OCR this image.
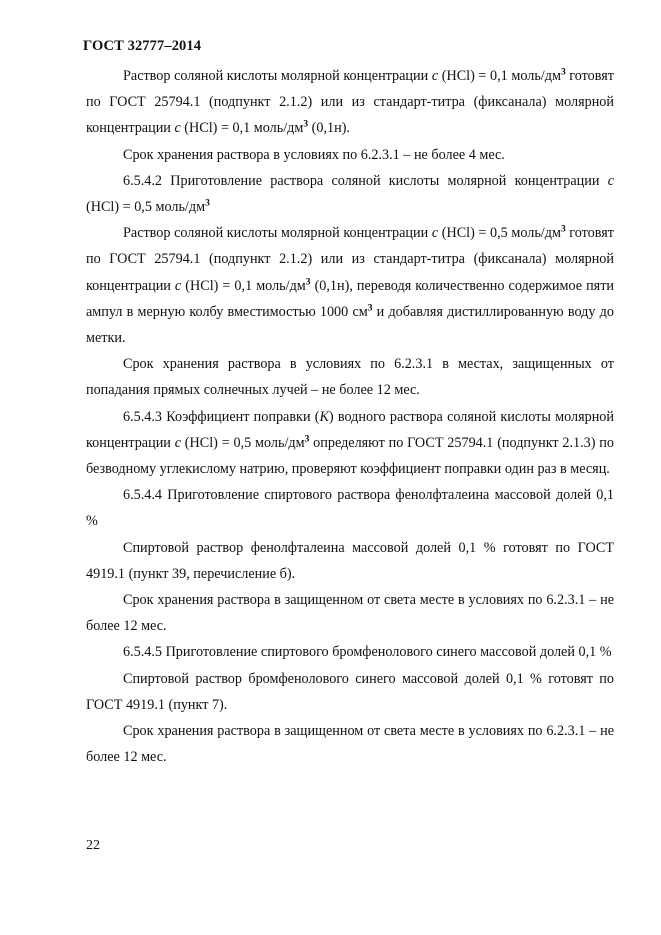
ГОСТ 32777–2014

Раствор соляной кислоты молярной концентрации с (HCl) = 0,1 моль/$дм^3$ готовят по ГОСТ 25794.1 (подпункт 2.1.2) или из стандарт-титра (фиксанала) молярной концентрации с (HCl) = 0,1 моль/$дм^3$ (0,1н).

Срок хранения раствора в условиях по 6.2.3.1 – не более 4 мес.

6.5.4.2 Приготовление раствора соляной кислоты молярной концентрации с (HCl) = 0,5 моль/$дм^3$

Раствор соляной кислоты молярной концентрации с (HCl) = 0,5 моль/$дм^3$ готовят по ГОСТ 25794.1 (подпункт 2.1.2) или из стандарт-титра (фиксанала) молярной концентрации с (HCl) = 0,1 моль/$дм^3$ (0,1н), переводя количественно содержимое пяти ампул в мерную колбу вместимостью 1000 $см^3$ и добавляя дистиллированную воду до метки.

Срок хранения раствора в условиях по 6.2.3.1 в местах, защищенных от попадания прямых солнечных лучей – не более 12 мес.

6.5.4.3 Коэффициент поправки (К) водного раствора соляной кислоты молярной концентрации с (HCl) = 0,5 моль/$дм^3$ определяют по ГОСТ 25794.1 (подпункт 2.1.3) по безводному углекислому натрию, проверяют коэффициент поправки один раз в месяц.

6.5.4.4 Приготовление спиртового раствора фенолфталеина массовой долей 0,1 %

Спиртовой раствор фенолфталеина массовой долей 0,1 % готовят по ГОСТ 4919.1 (пункт 39, перечисление б).

Срок хранения раствора в защищенном от света месте в условиях по 6.2.3.1 – не более 12 мес.

6.5.4.5 Приготовление спиртового бромфенолового синего массовой долей 0,1 %

Спиртовой раствор бромфенолового синего массовой долей 0,1 % готовят по ГОСТ 4919.1 (пункт 7).

Срок хранения раствора в защищенном от света месте в условиях по 6.2.3.1 – не более 12 мес.

22
